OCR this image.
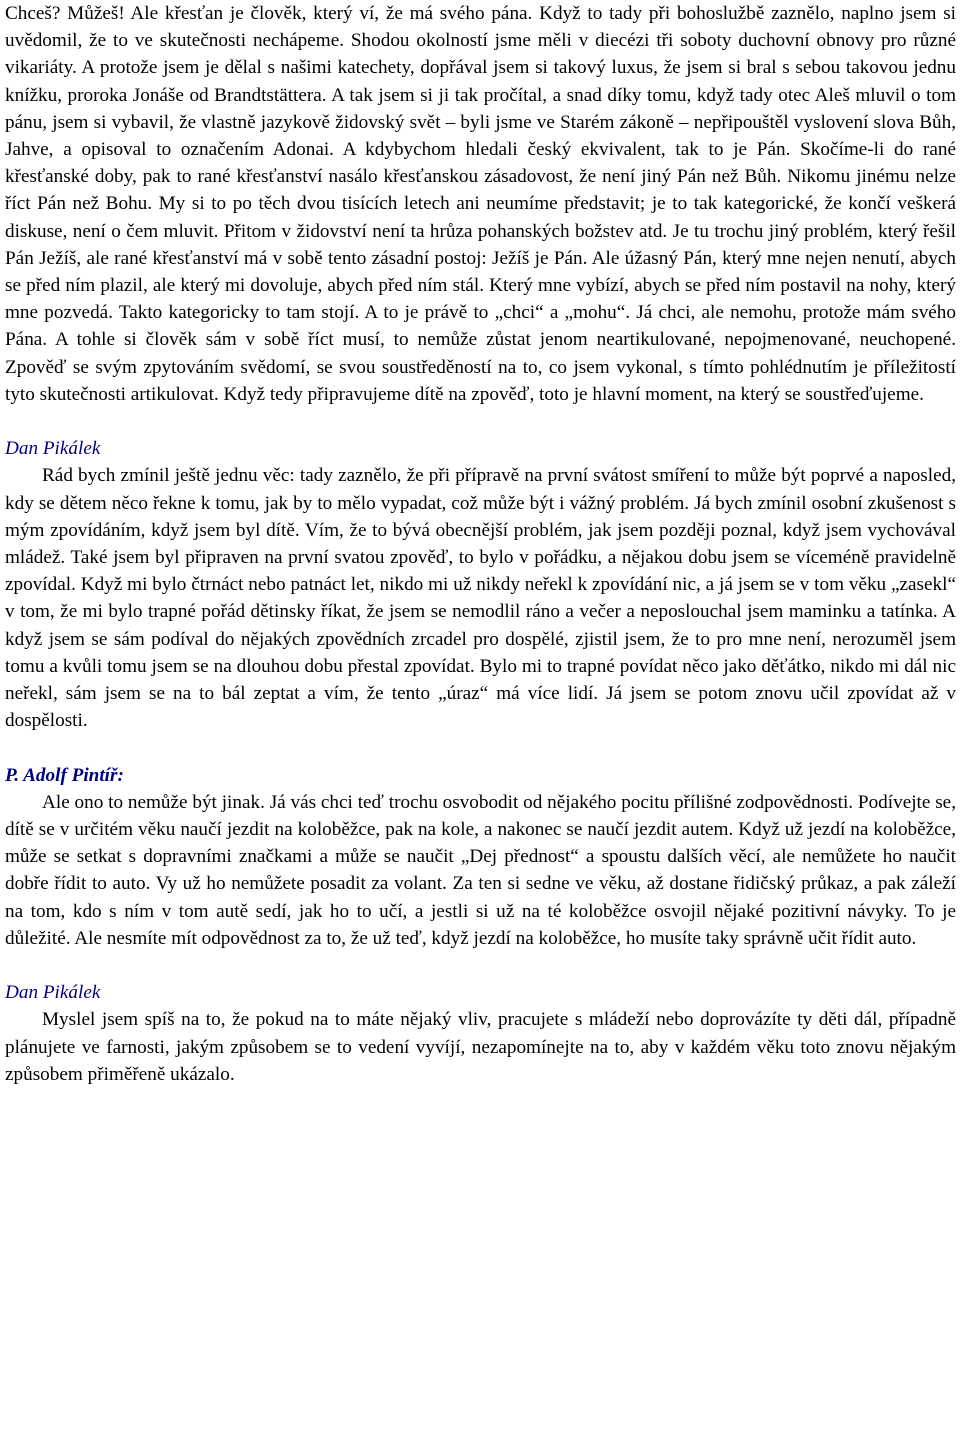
Chceš? Můžeš! Ale křesťan je člověk, který ví, že má svého pána. Když to tady při bohoslužbě zaznělo, naplno jsem si uvědomil, že to ve skutečnosti nechápeme. Shodou okolností jsme měli v diecézi tři soboty duchovní obnovy pro různé vikariáty. A protože jsem je dělal s našimi katechety, dopřával jsem si takový luxus, že jsem si bral s sebou takovou jednu knížku, proroka Jonáše od Brandtstättera. A tak jsem si ji tak pročítal, a snad díky tomu, když tady otec Aleš mluvil o tom pánu, jsem si vybavil, že vlastně jazykově židovský svět – byli jsme ve Starém zákoně – nepřipouštěl vyslovení slova Bůh, Jahve, a opisoval to označením Adonai. A kdybychom hledali český ekvivalent, tak to je Pán. Skočíme-li do rané křesťanské doby, pak to rané křesťanství nasálo křesťanskou zásadovost, že není jiný Pán než Bůh. Nikomu jinému nelze říct Pán než Bohu. My si to po těch dvou tisících letech ani neumíme představit; je to tak kategorické, že končí veškerá diskuse, není o čem mluvit. Přitom v židovství není ta hrůza pohanských božstev atd. Je tu trochu jiný problém, který řešil Pán Ježíš, ale rané křesťanství má v sobě tento zásadní postoj: Ježíš je Pán. Ale úžasný Pán, který mne nejen nenutí, abych se před ním plazil, ale který mi dovoluje, abych před ním stál. Který mne vybízí, abych se před ním postavil na nohy, který mne pozvedá. Takto kategoricky to tam stojí. A to je právě to „chci“ a „mohu“. Já chci, ale nemohu, protože mám svého Pána. A tohle si člověk sám v sobě říct musí, to nemůže zůstat jenom neartikulované, nepojmenované, neuchopené. Zpověď se svým zpytováním svědomí, se svou soustředěností na to, co jsem vykonal, s tímto pohlédnutím je příležitostí tyto skutečnosti artikulovat. Když tedy připravujeme dítě na zpověď, toto je hlavní moment, na který se soustřeďujeme.

Dan Pikálek

Rád bych zmínil ještě jednu věc: tady zaznělo, že při přípravě na první svátost smíření to může být poprvé a naposled, kdy se dětem něco řekne k tomu, jak by to mělo vypadat, což může být i vážný problém. Já bych zmínil osobní zkušenost s mým zpovídáním, když jsem byl dítě. Vím, že to bývá obecnější problém, jak jsem později poznal, když jsem vychovával mládež. Také jsem byl připraven na první svatou zpověď, to bylo v pořádku, a nějakou dobu jsem se víceméně pravidelně zpovídal. Když mi bylo čtrnáct nebo patnáct let, nikdo mi už nikdy neřekl k zpovídání nic, a já jsem se v tom věku „zasekl“ v tom, že mi bylo trapné pořád dětinsky říkat, že jsem se nemodlil ráno a večer a neposlouchal jsem maminku a tatínka. A když jsem se sám podíval do nějakých zpovědních zrcadel pro dospělé, zjistil jsem, že to pro mne není, nerozuměl jsem tomu a kvůli tomu jsem se na dlouhou dobu přestal zpovídat. Bylo mi to trapné povídat něco jako děťátko, nikdo mi dál nic neřekl, sám jsem se na to bál zeptat a vím, že tento „úraz“ má více lidí. Já jsem se potom znovu učil zpovídat až v dospělosti.

P. Adolf Pintíř:

Ale ono to nemůže být jinak. Já vás chci teď trochu osvobodit od nějakého pocitu přílišné zodpovědnosti. Podívejte se, dítě se v určitém věku naučí jezdit na koloběžce, pak na kole, a nakonec se naučí jezdit autem. Když už jezdí na koloběžce, může se setkat s dopravními značkami a může se naučit „Dej přednost“ a spoustu dalších věcí, ale nemůžete ho naučit dobře řídit to auto. Vy už ho nemůžete posadit za volant. Za ten si sedne ve věku, až dostane řidičský průkaz, a pak záleží na tom, kdo s ním v tom autě sedí, jak ho to učí, a jestli si už na té koloběžce osvojil nějaké pozitivní návyky. To je důležité. Ale nesmíte mít odpovědnost za to, že už teď, když jezdí na koloběžce, ho musíte taky správně učit řídit auto.

Dan Pikálek

Myslel jsem spíš na to, že pokud na to máte nějaký vliv, pracujete s mládeží nebo doprovázíte ty děti dál, případně plánujete ve farnosti, jakým způsobem se to vedení vyvíjí, nezapomínejte na to, aby v každém věku toto znovu nějakým způsobem přiměřeně ukázalo.
